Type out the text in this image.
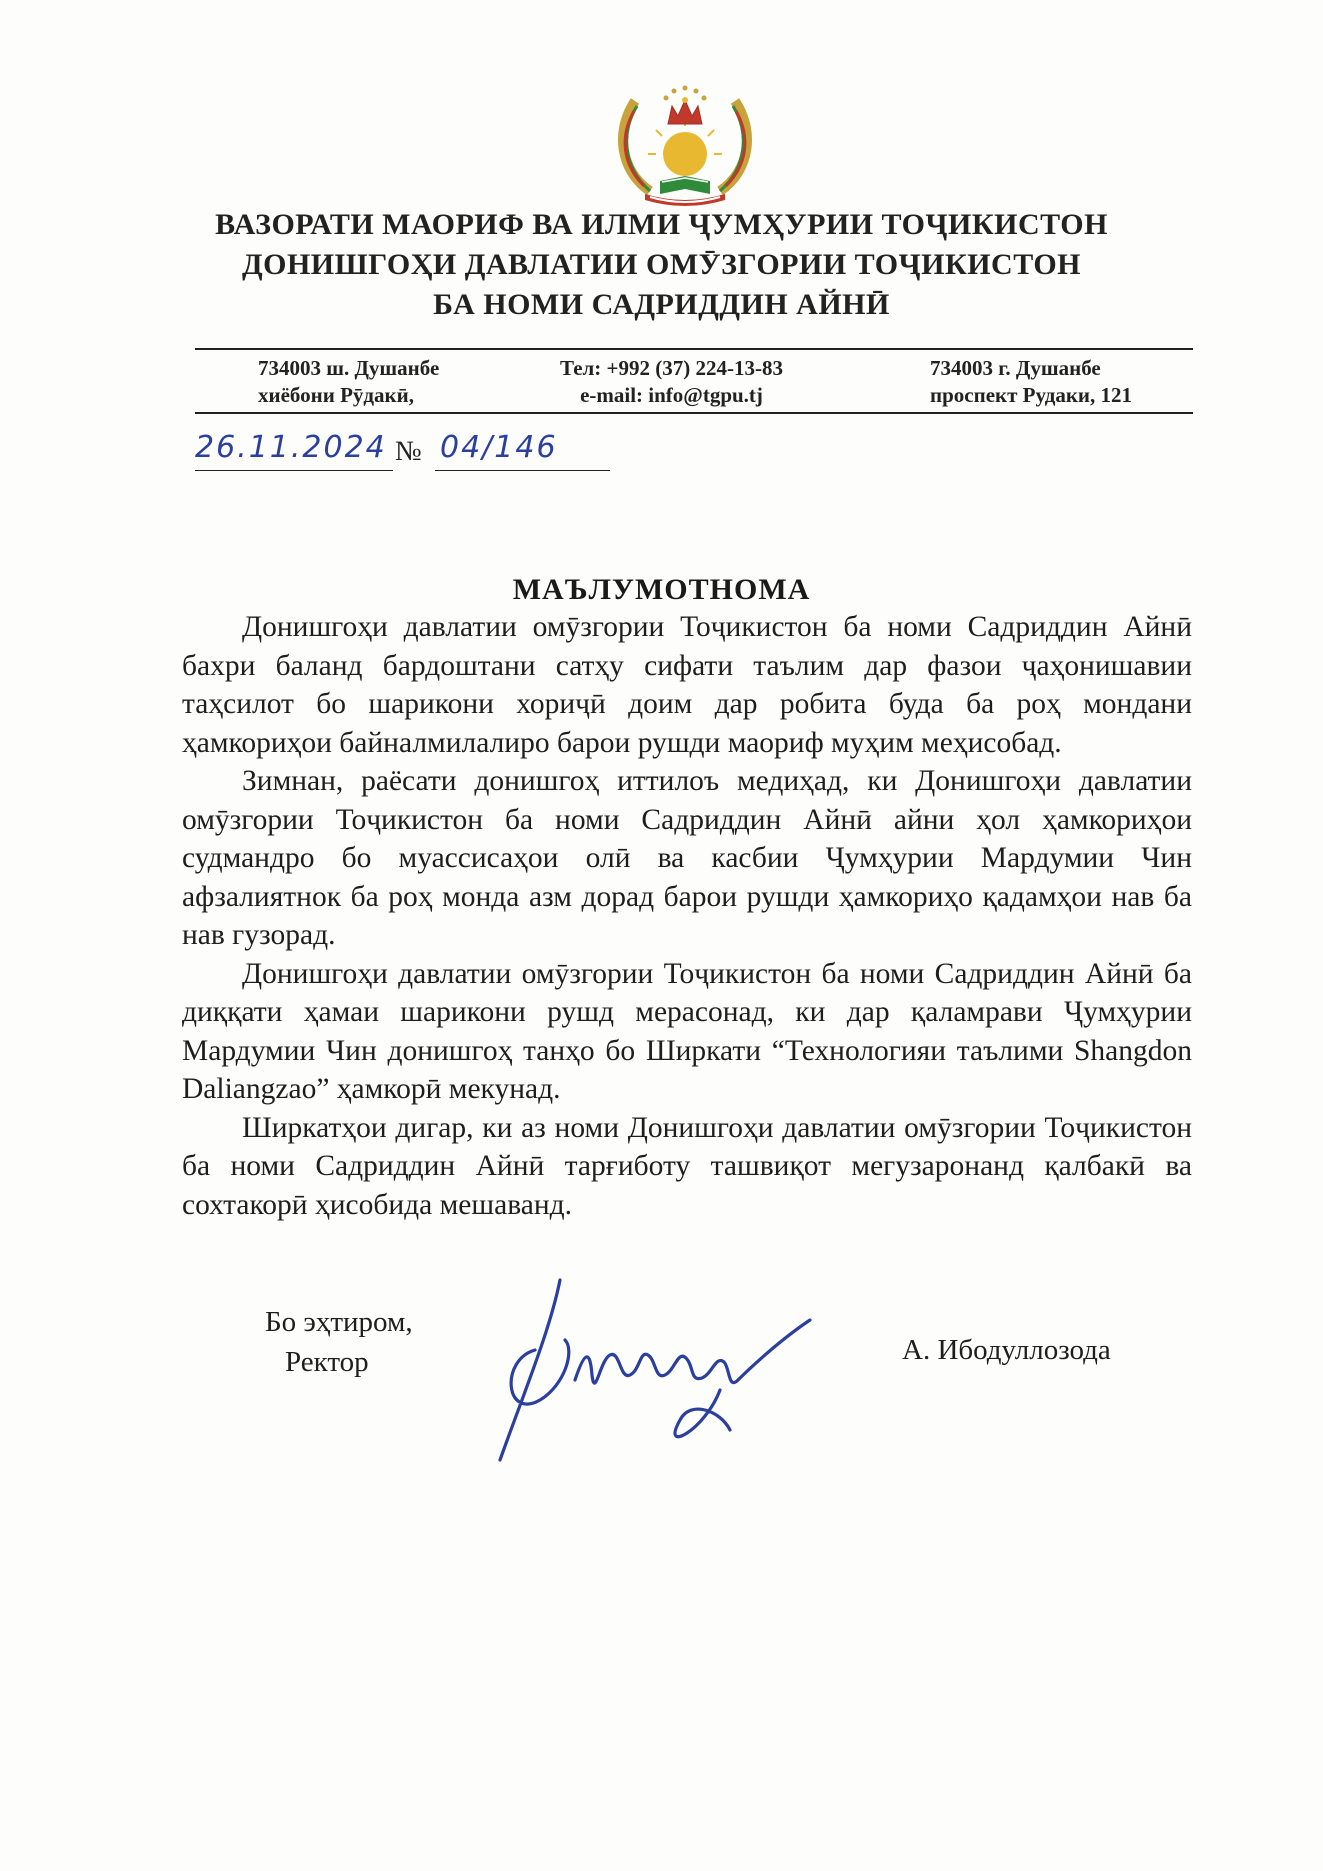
ВАЗОРАТИ МАОРИФ ВА ИЛМИ ҶУМҲУРИИ ТОҶИКИСТОН
ДОНИШГОҲИ ДАВЛАТИИ ОМӮЗГОРИИ ТОҶИКИСТОН
БА НОМИ САДРИДДИН АЙНӢ
734003 ш. Душанбе
хиёбони Рӯдакӣ,
Тел: +992 (37) 224-13-83
e-mail: info@tgpu.tj
734003 г. Душанбе
проспект Рудаки, 121
26.11.2024 № 04/146
МАЪЛУМОТНОМА

Донишгоҳи давлатии омӯзгории Тоҷикистон ба номи Садриддин Айнӣ бахри баланд бардоштани сатҳу сифати таълим дар фазои ҷаҳонишавии таҳсилот бо шарикони хориҷӣ доим дар робита буда ба роҳ мондани ҳамкориҳои байналмилалиро барои рушди маориф муҳим меҳисобад.

Зимнан, раёсати донишгоҳ иттилоъ медиҳад, ки Донишгоҳи давлатии омӯзгории Тоҷикистон ба номи Садриддин Айнӣ айни ҳол ҳамкориҳои судмандро бо муассисаҳои олӣ ва касбии Ҷумҳурии Мардумии Чин афзалиятнок ба роҳ монда азм дорад барои рушди ҳамкориҳо қадамҳои нав ба нав гузорад.

Донишгоҳи давлатии омӯзгории Тоҷикистон ба номи Садриддин Айнӣ ба диққати ҳамаи шарикони рушд мерасонад, ки дар қаламрави Ҷумҳурии Мардумии Чин донишгоҳ танҳо бо Ширкати “Технологияи таълими Shangdon Daliangzao” ҳамкорӣ мекунад.

Ширкатҳои дигар, ки аз номи Донишгоҳи давлатии омӯзгории Тоҷикистон ба номи Садриддин Айнӣ тарғиботу ташвиқот мегузаронанд қалбакӣ ва сохтакорӣ ҳисобида мешаванд.

Бо эҳтиром,
Ректор	А. Ибодуллозода
